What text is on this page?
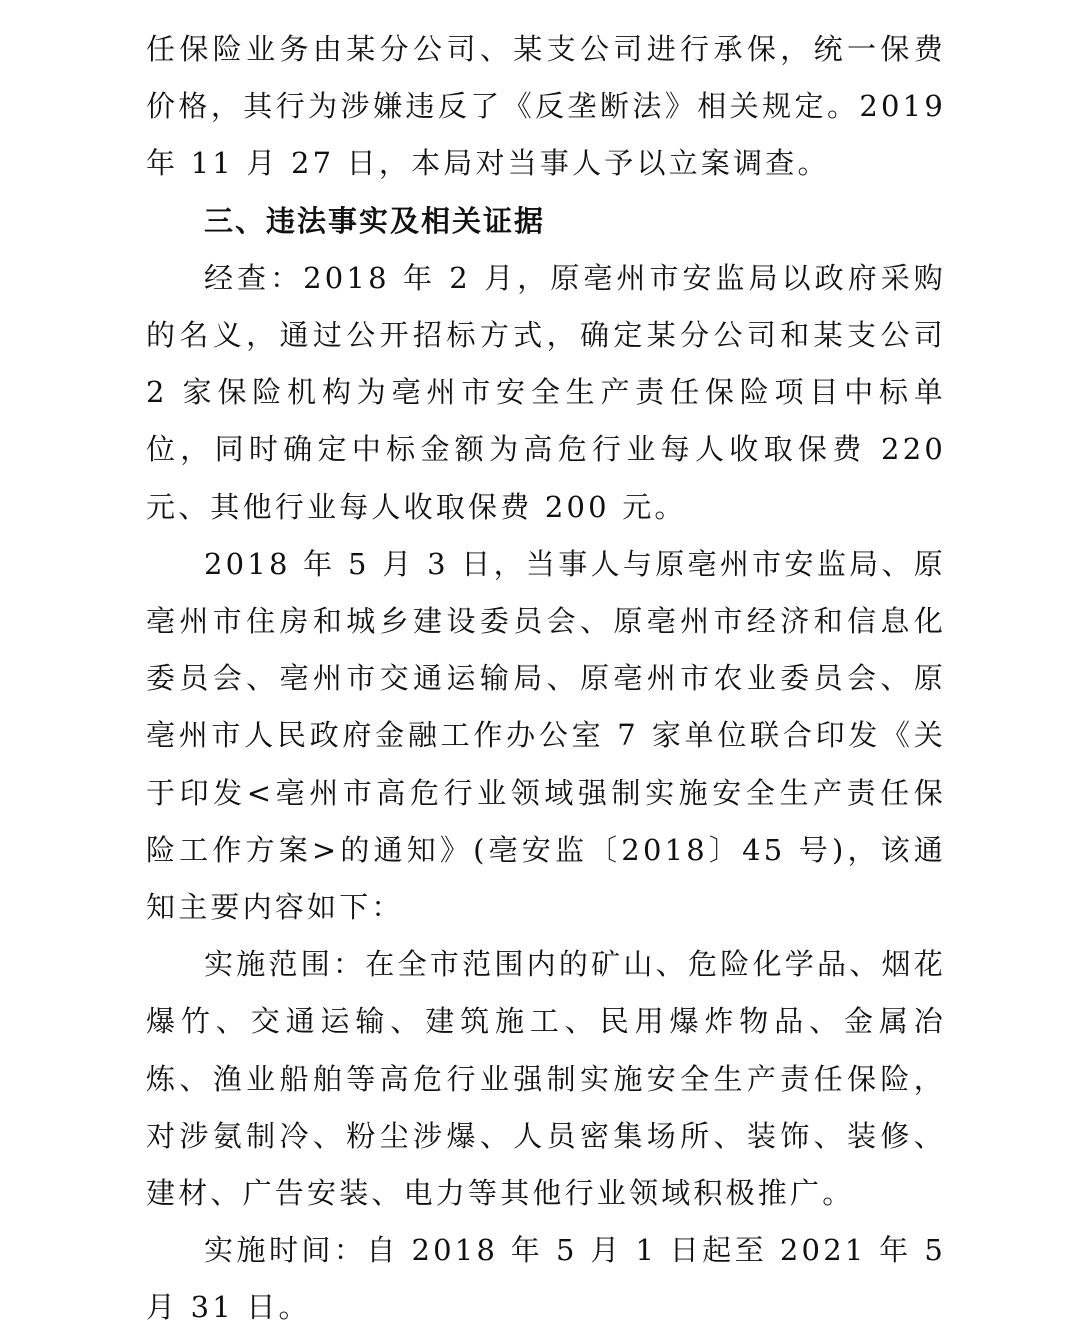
任保险业务由某分公司、某支公司进行承保，统一保费价格，其行为涉嫌违反了《反垄断法》相关规定。2019 年 11 月 27 日，本局对当事人予以立案调查。

三、违法事实及相关证据

经查：2018 年 2 月，原亳州市安监局以政府采购的名义，通过公开招标方式，确定某分公司和某支公司 2 家保险机构为亳州市安全生产责任保险项目中标单位，同时确定中标金额为高危行业每人收取保费 220 元、其他行业每人收取保费 200 元。

2018 年 5 月 3 日，当事人与原亳州市安监局、原亳州市住房和城乡建设委员会、原亳州市经济和信息化委员会、亳州市交通运输局、原亳州市农业委员会、原亳州市人民政府金融工作办公室 7 家单位联合印发《关于印发<亳州市高危行业领域强制实施安全生产责任保险工作方案>的通知》(亳安监〔2018〕45 号)，该通知主要内容如下：

实施范围：在全市范围内的矿山、危险化学品、烟花爆竹、交通运输、建筑施工、民用爆炸物品、金属冶炼、渔业船舶等高危行业强制实施安全生产责任保险，对涉氨制冷、粉尘涉爆、人员密集场所、装饰、装修、建材、广告安装、电力等其他行业领域积极推广。

实施时间：自 2018 年 5 月 1 日起至 2021 年 5 月 31 日。
